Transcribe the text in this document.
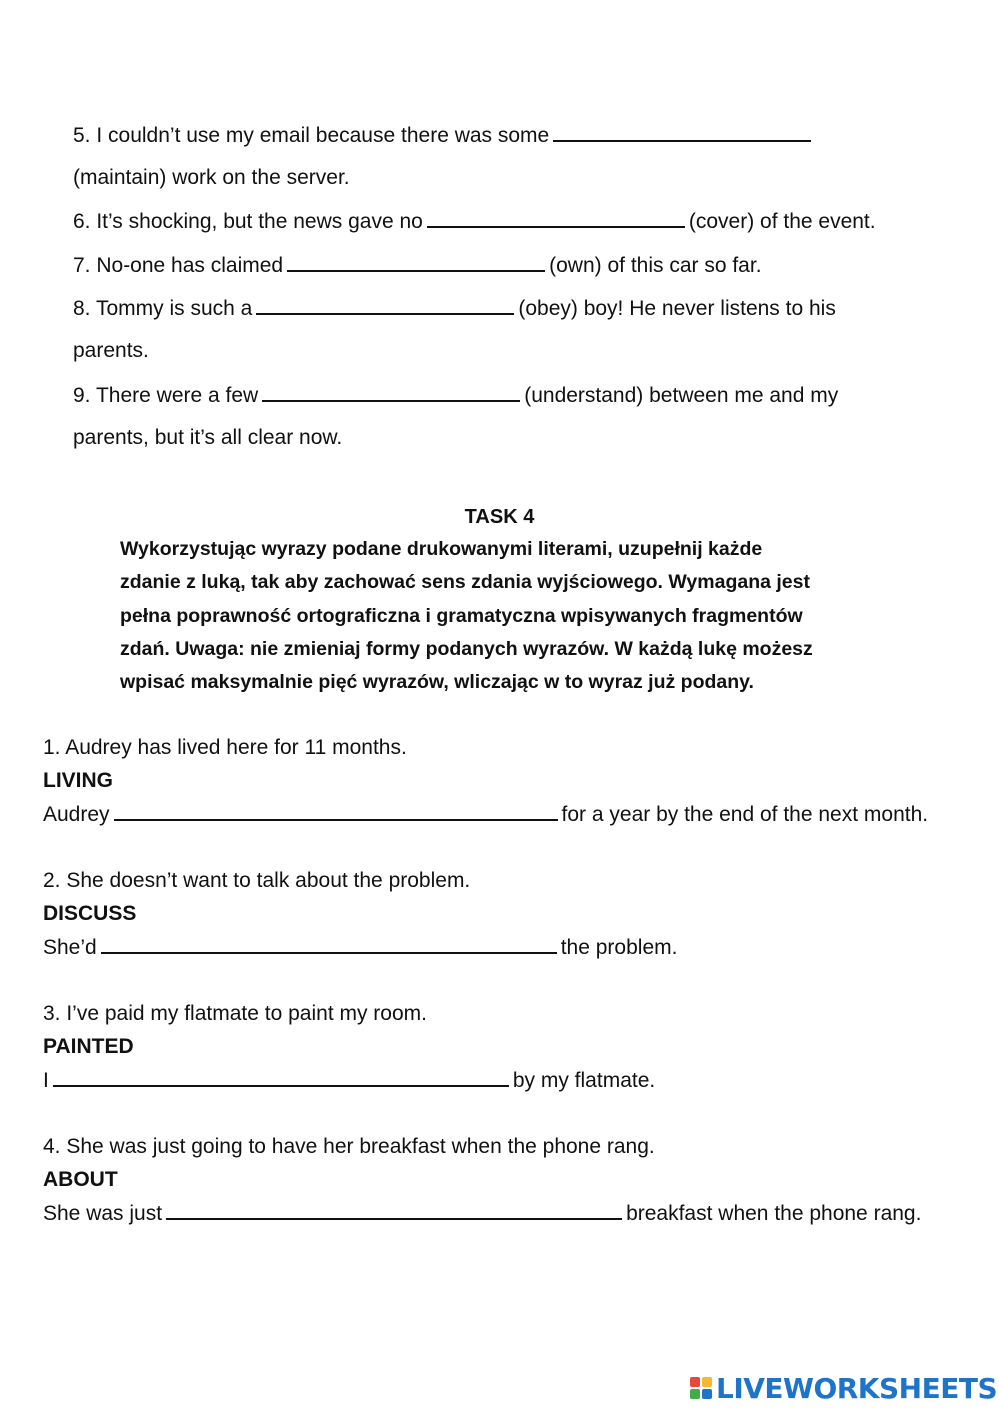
5. I couldn’t use my email because there was some
(maintain) work on the server.
6. It’s shocking, but the news gave no	(cover) of the event.
7. No-one has claimed	(own) of this car so far.
8. Tommy is such a	(obey) boy! He never listens to his
parents.
9. There were a few	(understand) between me and my
parents, but it’s all clear now.
TASK 4
Wykorzystując wyrazy podane drukowanymi literami, uzupełnij każde
zdanie z luką, tak aby zachować sens zdania wyjściowego. Wymagana jest
pełna poprawność ortograficzna i gramatyczna wpisywanych fragmentów
zdań. Uwaga: nie zmieniaj formy podanych wyrazów. W każdą lukę możesz
wpisać maksymalnie pięć wyrazów, wliczając w to wyraz już podany.
1. Audrey has lived here for 11 months.
LIVING
Audrey	for a year by the end of the next month.
2. She doesn’t want to talk about the problem.
DISCUSS
She’d	the problem.
3. I’ve paid my flatmate to paint my room.
PAINTED
I	by my flatmate.
4. She was just going to have her breakfast when the phone rang.
ABOUT
She was just	breakfast when the phone rang.
LIVEWORKSHEETS
